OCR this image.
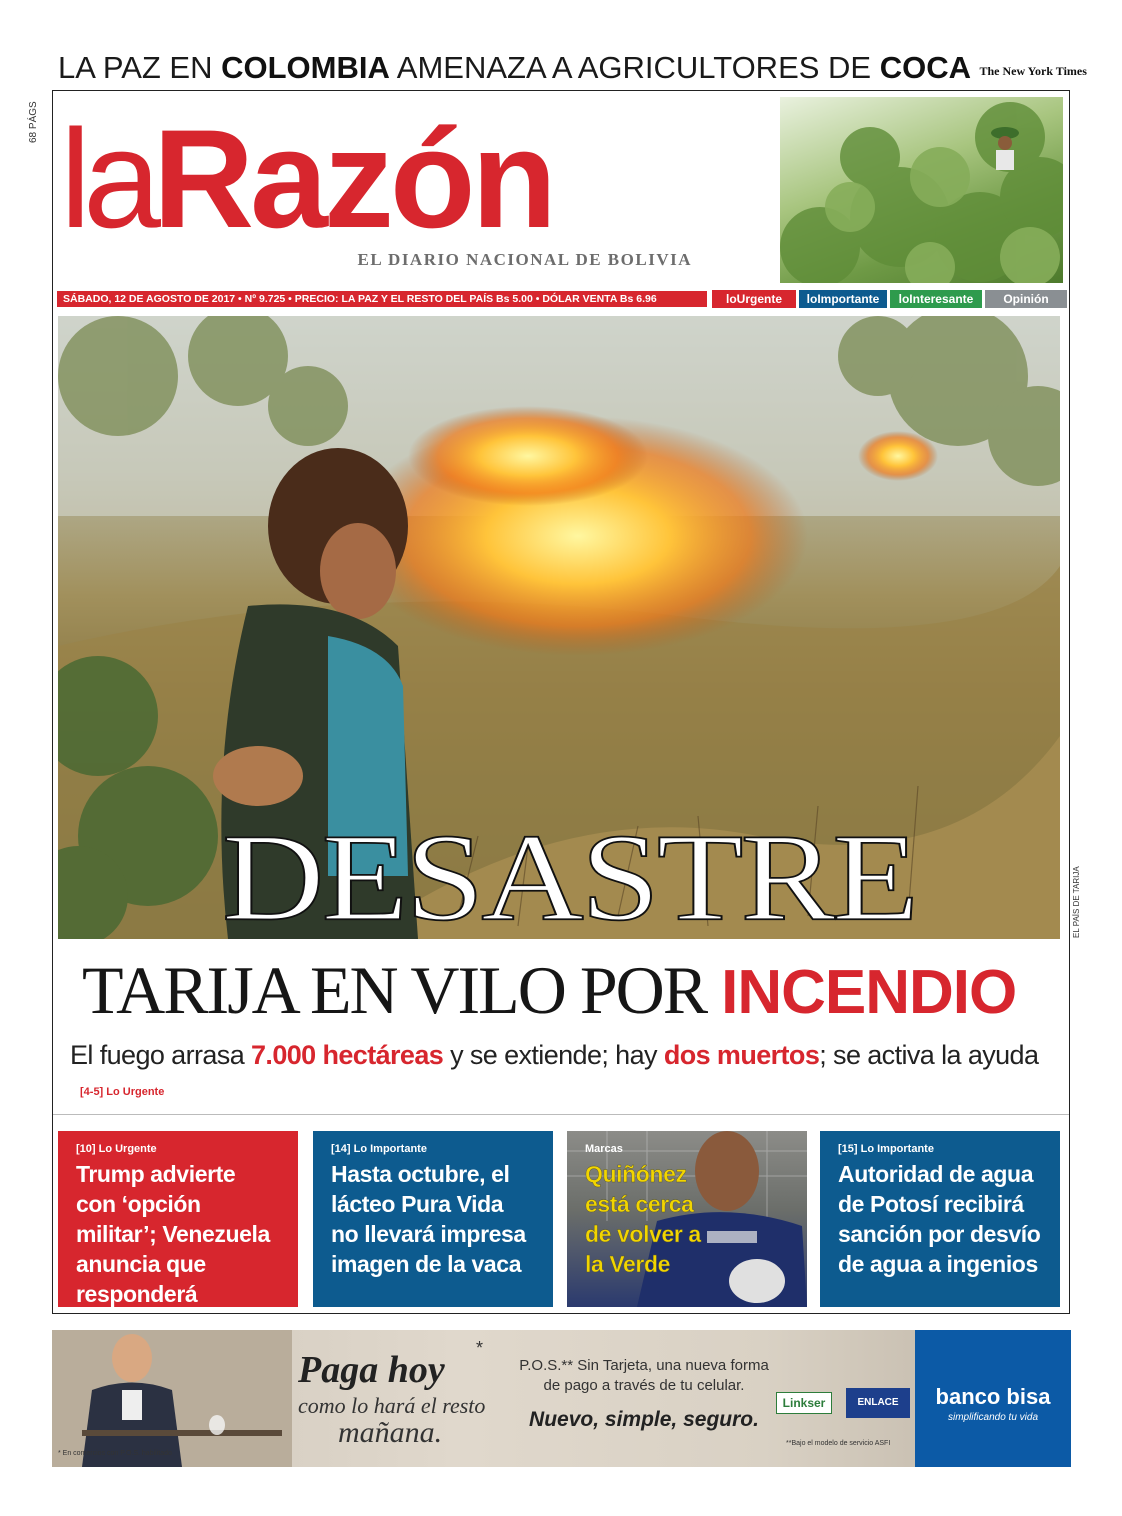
LA PAZ EN COLOMBIA AMENAZA A AGRICULTORES DE COCA The New York Times
68 PÁGS laRazón
EL DIARIO NACIONAL DE BOLIVIA
SÁBADO, 12 DE AGOSTO DE 2017 • Nº 9.725 • PRECIO: LA PAZ Y EL RESTO DEL PAÍS Bs 5.00 • DÓLAR VENTA Bs 6.96	loUrgente	loImportante	loInteresante	Opinión
EL PAÍS DE TARIJA
DESASTRE
TARIJA EN VILO POR INCENDIO
El fuego arrasa 7.000 hectáreas y se extiende; hay dos muertos; se activa la ayuda
[4-5] Lo Urgente
[10] Lo Urgente
Trump advierte con ‘opción militar’; Venezuela anuncia que responderá
[14] Lo Importante
Hasta octubre, el lácteo Pura Vida no llevará impresa imagen de la vaca
Marcas
Quiñónez está cerca de volver a la Verde
[15] Lo Importante
Autoridad de agua de Potosí recibirá sanción por desvío de agua a ingenios
Paga hoy
como lo hará el resto
mañana.
*
P.O.S.** Sin Tarjeta, una nueva forma de pago a través de tu celular.
Nuevo, simple, seguro.
Linkser	ENLACE
* En comercios con P.O.S. habilitado
**Bajo el modelo de servicio ASFI
banco bisa
simplificando tu vida
